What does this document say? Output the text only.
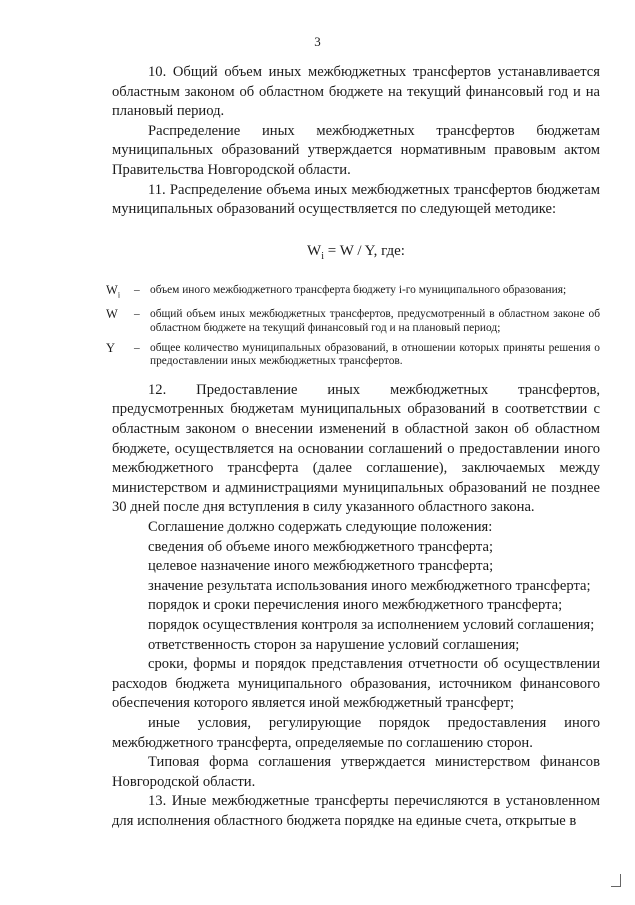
3

10. Общий объем иных межбюджетных трансфертов устанавливается областным законом об областном бюджете на текущий финансовый год и на плановый период.

Распределение иных межбюджетных трансфертов бюджетам муниципальных образований утверждается нормативным правовым актом Правительства Новгородской области.

11. Распределение объема иных межбюджетных трансфертов бюджетам муниципальных образований осуществляется по следующей методике:

$W_i = W / Y$, где:
$W_i$	– объем иного межбюджетного трансферта бюджету i-го муниципального образования;
W	– общий объем иных межбюджетных трансфертов, предусмотренный в областном законе об областном бюджете на текущий финансовый год и на плановый период;
Y	– общее количество муниципальных образований, в отношении которых приняты решения о предоставлении иных межбюджетных трансфертов.

12. Предоставление иных межбюджетных трансфертов, предусмотренных бюджетам муниципальных образований в соответствии с областным законом о внесении изменений в областной закон об областном бюджете, осуществляется на основании соглашений о предоставлении иного межбюджетного трансферта (далее соглашение), заключаемых между министерством и администрациями муниципальных образований не позднее 30 дней после дня вступления в силу указанного областного закона.

Соглашение должно содержать следующие положения:

сведения об объеме иного межбюджетного трансферта;

целевое назначение иного межбюджетного трансферта;

значение результата использования иного межбюджетного трансферта;

порядок и сроки перечисления иного межбюджетного трансферта;

порядок осуществления контроля за исполнением условий соглашения;

ответственность сторон за нарушение условий соглашения;

сроки, формы и порядок представления отчетности об осуществлении расходов бюджета муниципального образования, источником финансового обеспечения которого является иной межбюджетный трансферт;

иные условия, регулирующие порядок предоставления иного межбюджетного трансферта, определяемые по соглашению сторон.

Типовая форма соглашения утверждается министерством финансов Новгородской области.

13. Иные межбюджетные трансферты перечисляются в установленном для исполнения областного бюджета порядке на единые счета, открытые в
